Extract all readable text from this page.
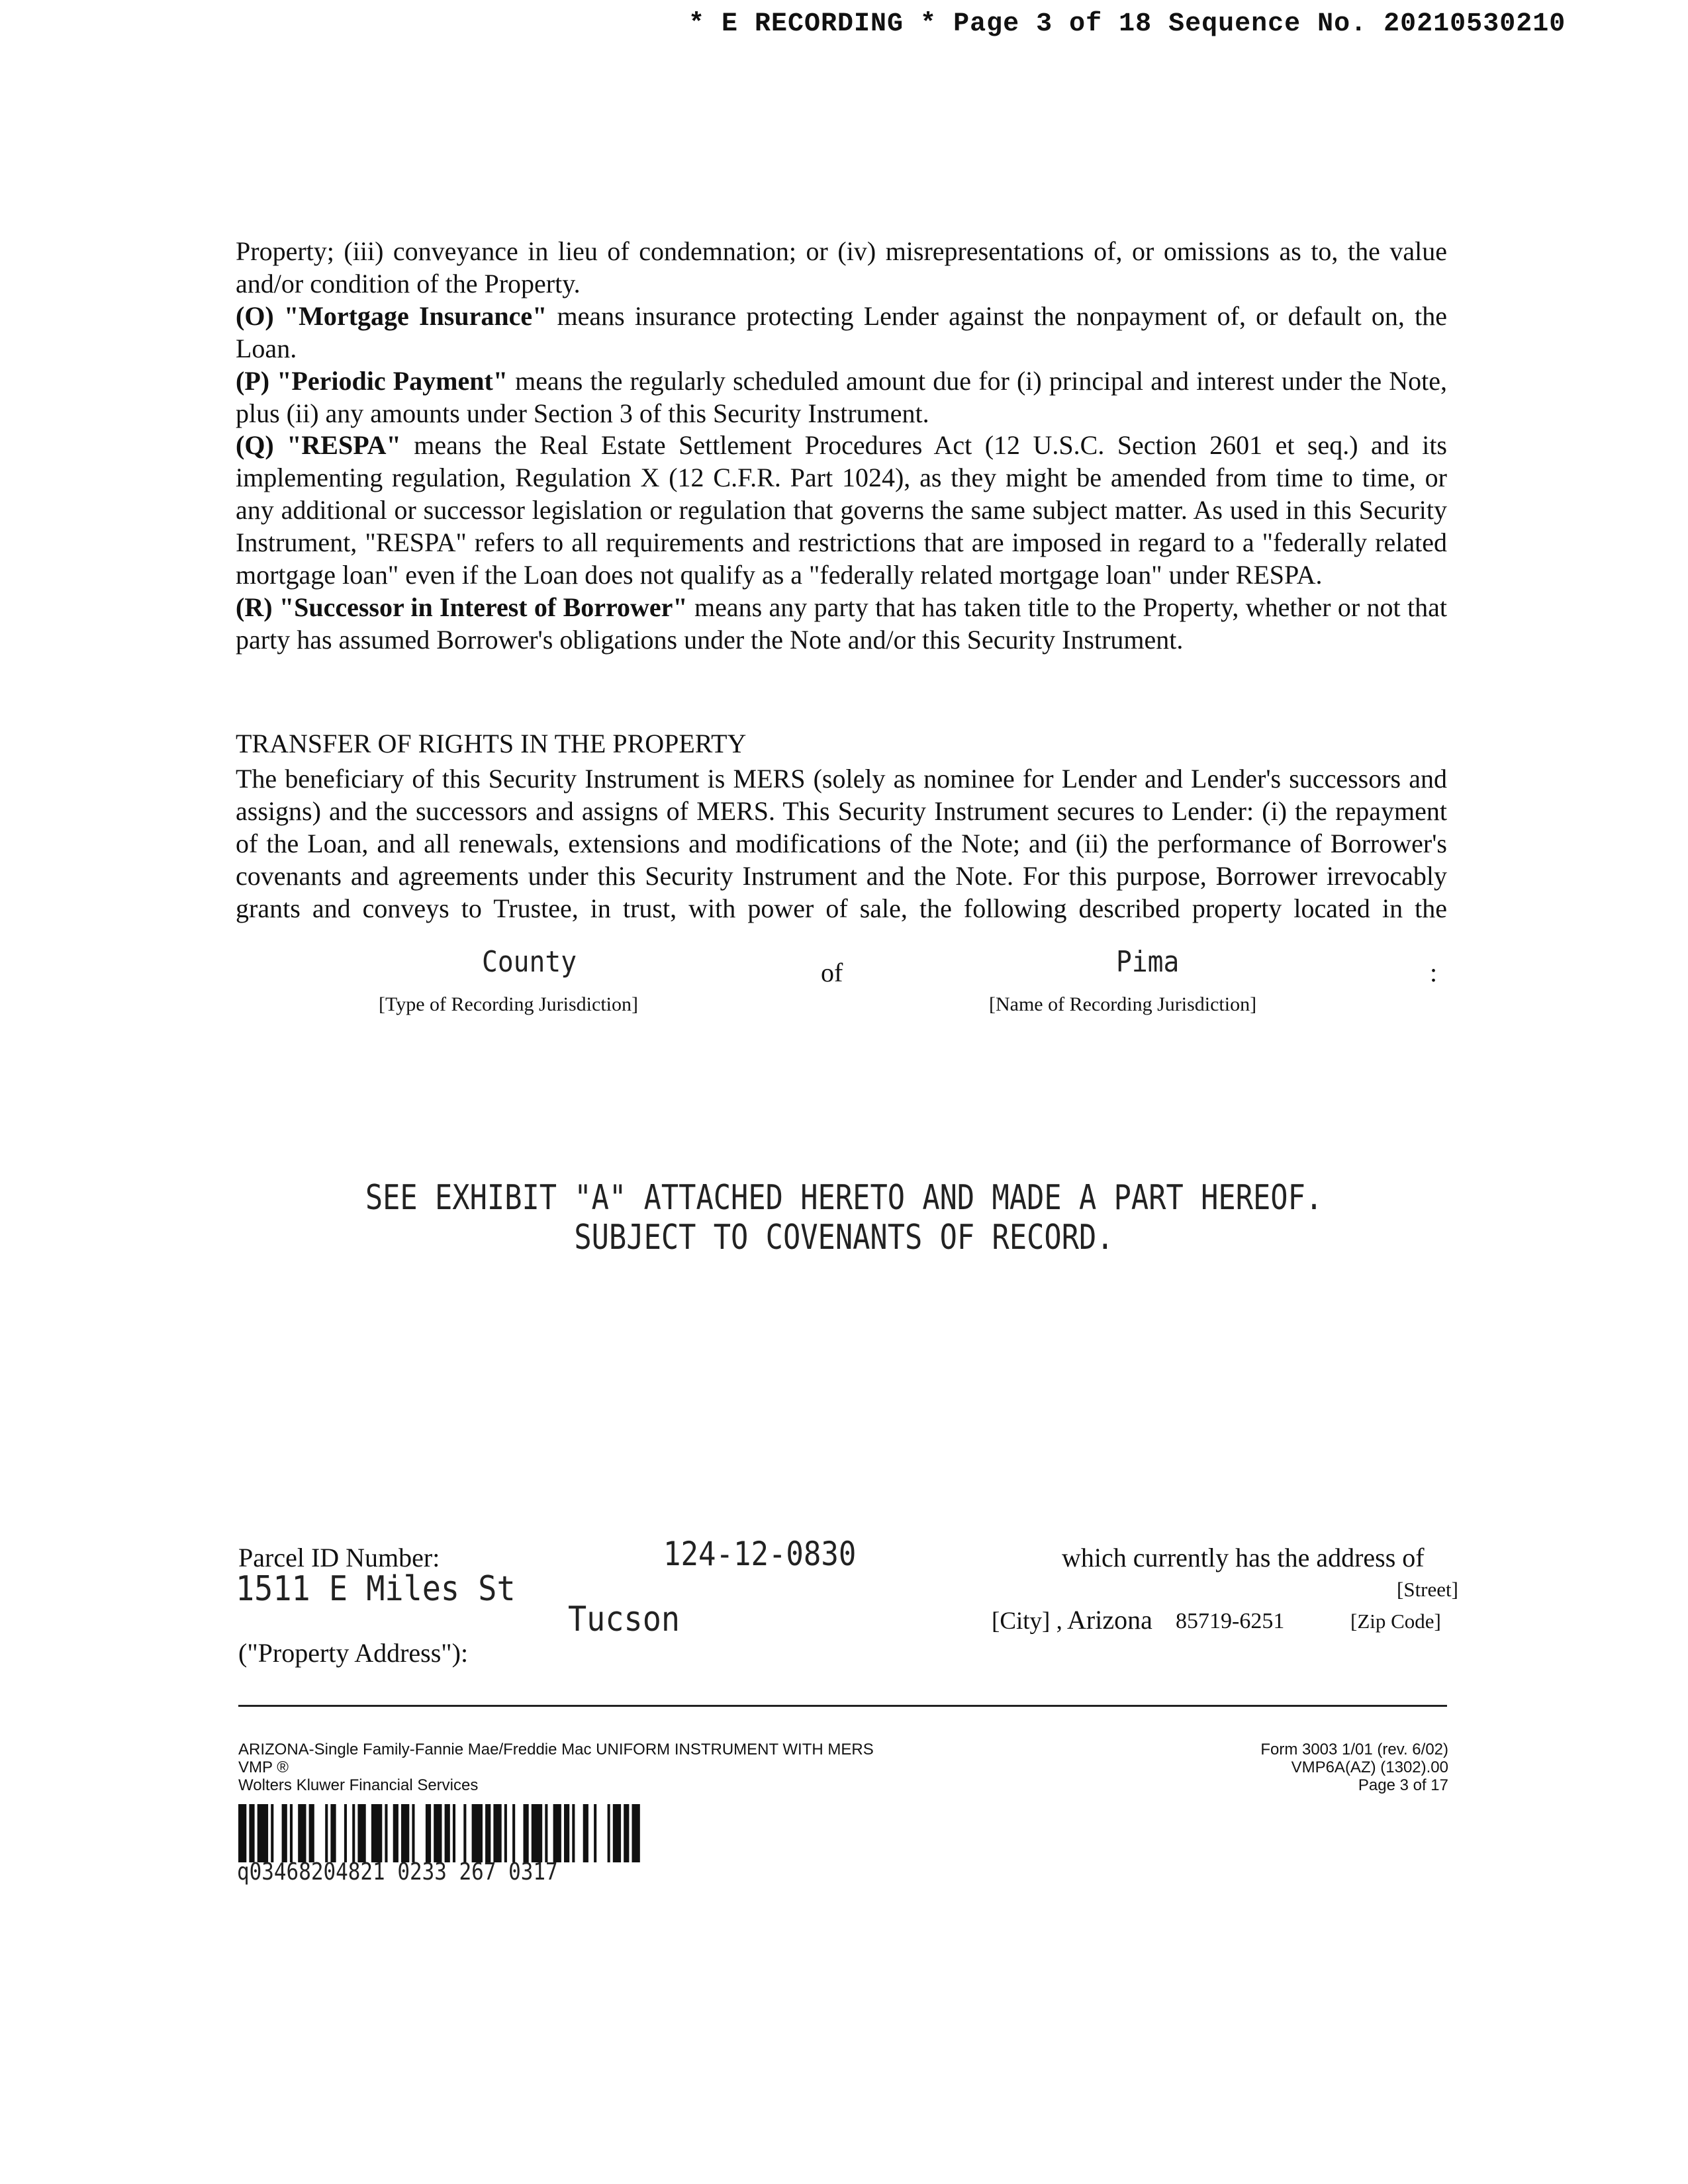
* E RECORDING * Page 3 of 18 Sequence No. 20210530210

Property; (iii) conveyance in lieu of condemnation; or (iv) misrepresentations of, or omissions as to, the value and/or condition of the Property.

(O) "Mortgage Insurance" means insurance protecting Lender against the nonpayment of, or default on, the Loan.

(P) "Periodic Payment" means the regularly scheduled amount due for (i) principal and interest under the Note, plus (ii) any amounts under Section 3 of this Security Instrument.

(Q) "RESPA" means the Real Estate Settlement Procedures Act (12 U.S.C. Section 2601 et seq.) and its implementing regulation, Regulation X (12 C.F.R. Part 1024), as they might be amended from time to time, or any additional or successor legislation or regulation that governs the same subject matter. As used in this Security Instrument, "RESPA" refers to all requirements and restrictions that are imposed in regard to a "federally related mortgage loan" even if the Loan does not qualify as a "federally related mortgage loan" under RESPA.

(R) "Successor in Interest of Borrower" means any party that has taken title to the Property, whether or not that party has assumed Borrower's obligations under the Note and/or this Security Instrument.

TRANSFER OF RIGHTS IN THE PROPERTY
The beneficiary of this Security Instrument is MERS (solely as nominee for Lender and Lender's successors and assigns) and the successors and assigns of MERS. This Security Instrument secures to Lender: (i) the repayment of the Loan, and all renewals, extensions and modifications of the Note; and (ii) the performance of Borrower's covenants and agreements under this Security Instrument and the Note. For this purpose, Borrower irrevocably grants and conveys to Trustee, in trust, with power of sale, the following described property located in the
County	of	Pima	:
[Type of Recording Jurisdiction]	[Name of Recording Jurisdiction]
SEE EXHIBIT "A" ATTACHED HERETO AND MADE A PART HEREOF.
SUBJECT TO COVENANTS OF RECORD.
Parcel ID Number:	124-12-0830	which currently has the address of
1511 E Miles St	[Street]
Tucson	[City] , Arizona 85719-6251	[Zip Code]
("Property Address"):
ARIZONA-Single Family-Fannie Mae/Freddie Mac UNIFORM INSTRUMENT WITH MERS
VMP ®
Wolters Kluwer Financial Services
Form 3003 1/01 (rev. 6/02)
VMP6A(AZ) (1302).00
Page 3 of 17
q03468204821 0233 267 0317
